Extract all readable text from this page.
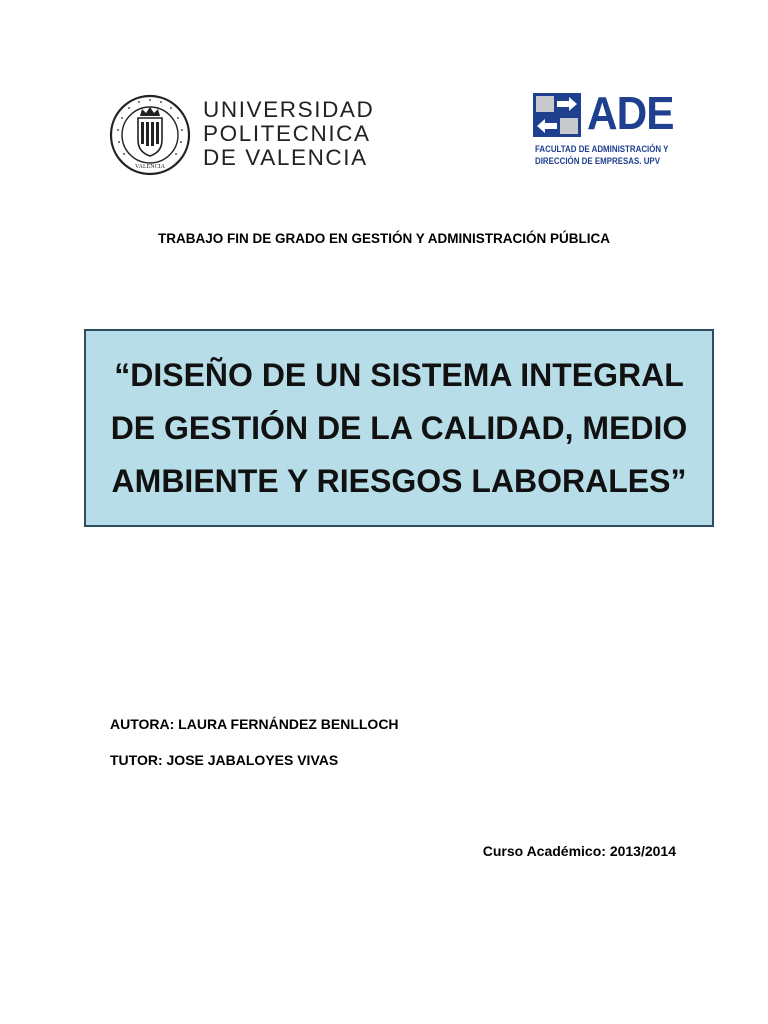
VALENCIA
UNIVERSIDAD
POLITECNICA
DE VALENCIA
ADE
FACULTAD DE ADMINISTRACIÓN Y
DIRECCIÓN DE EMPRESAS. UPV
TRABAJO FIN DE GRADO EN GESTIÓN Y ADMINISTRACIÓN PÚBLICA
“DISEÑO DE UN SISTEMA INTEGRAL
DE GESTIÓN DE LA CALIDAD, MEDIO
AMBIENTE Y RIESGOS LABORALES”
AUTORA: LAURA FERNÁNDEZ BENLLOCH
TUTOR: JOSE JABALOYES VIVAS
Curso Académico: 2013/2014
